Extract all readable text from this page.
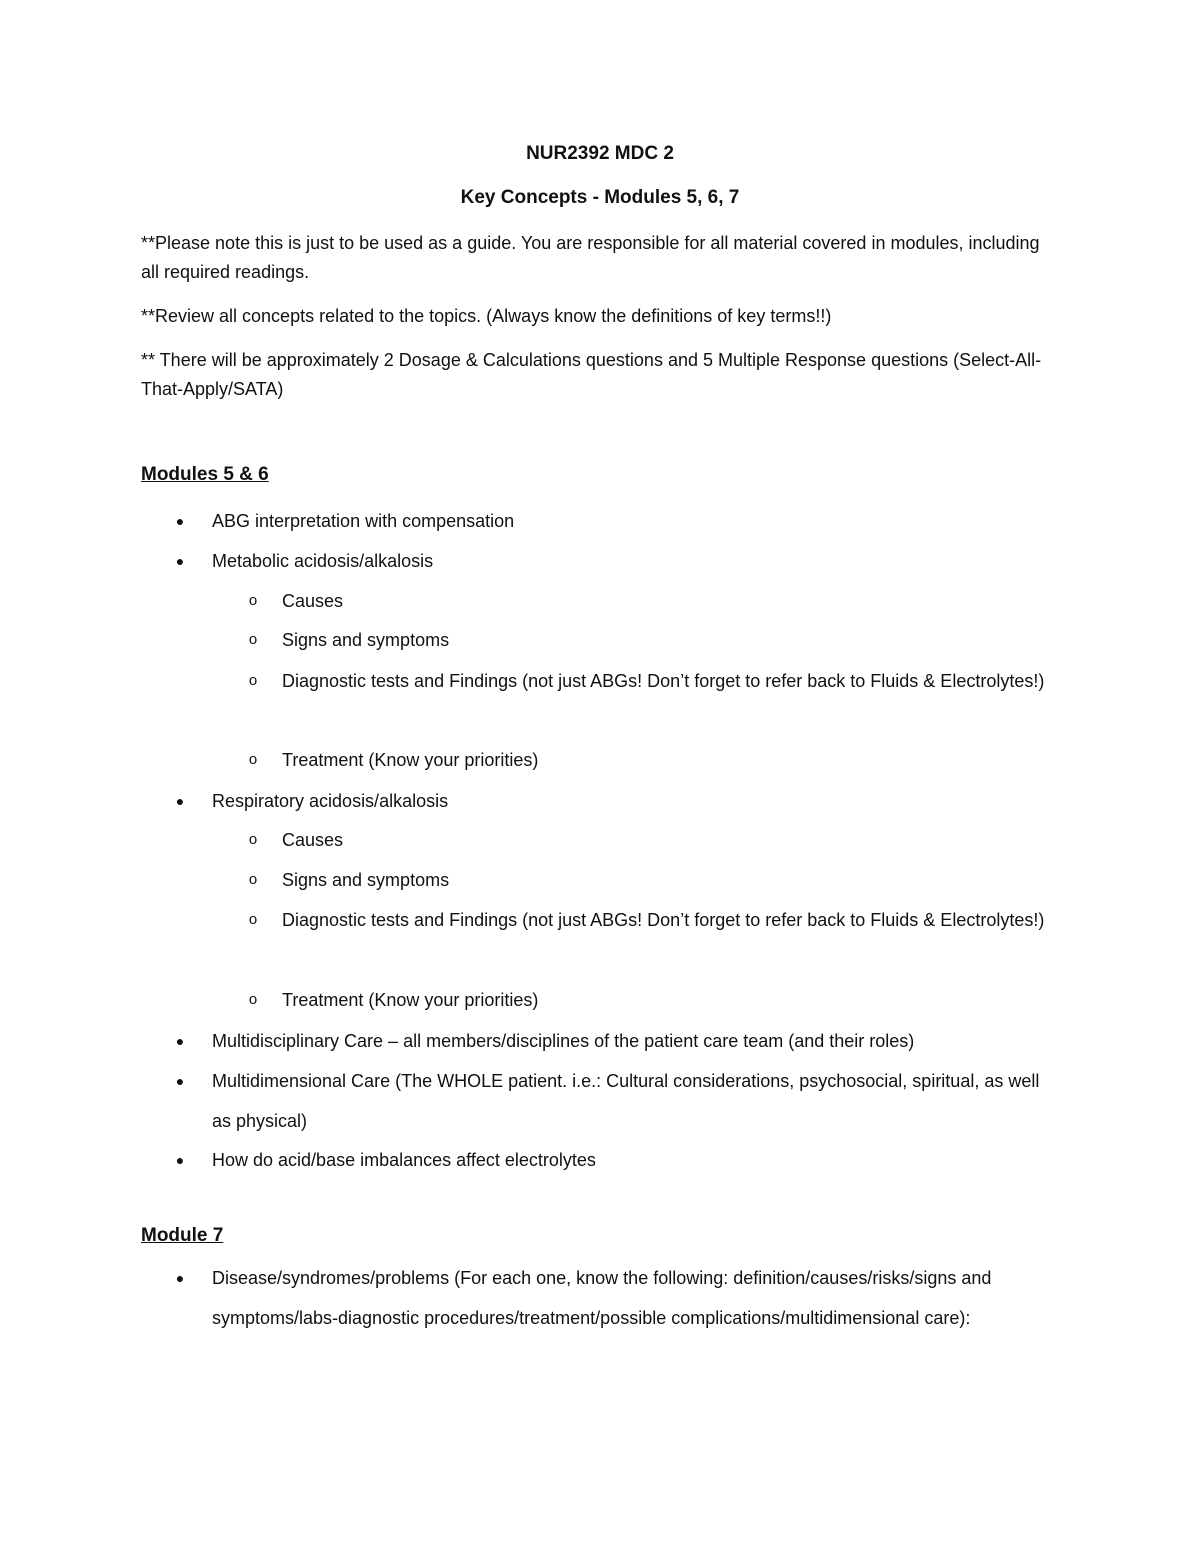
NUR2392 MDC 2
Key Concepts - Modules 5, 6, 7
**Please note this is just to be used as a guide. You are responsible for all material covered in modules, including all required readings.
**Review all concepts related to the topics. (Always know the definitions of key terms!!)
** There will be approximately 2 Dosage & Calculations questions and 5 Multiple Response questions (Select-All-That-Apply/SATA)
Modules 5 & 6
● ABG interpretation with compensation
● Metabolic acidosis/alkalosis
o Causes
o Signs and symptoms
o Diagnostic tests and Findings (not just ABGs! Don’t forget to refer back to Fluids & Electrolytes!)
o Treatment (Know your priorities)
● Respiratory acidosis/alkalosis
o Causes
o Signs and symptoms
o Diagnostic tests and Findings (not just ABGs! Don’t forget to refer back to Fluids & Electrolytes!)
o Treatment (Know your priorities)
● Multidisciplinary Care – all members/disciplines of the patient care team (and their roles)
● Multidimensional Care (The WHOLE patient. i.e.: Cultural considerations, psychosocial, spiritual, as well as physical)
● How do acid/base imbalances affect electrolytes
Module 7
● Disease/syndromes/problems (For each one, know the following: definition/causes/risks/signs and symptoms/labs-diagnostic procedures/treatment/possible complications/multidimensional care):
